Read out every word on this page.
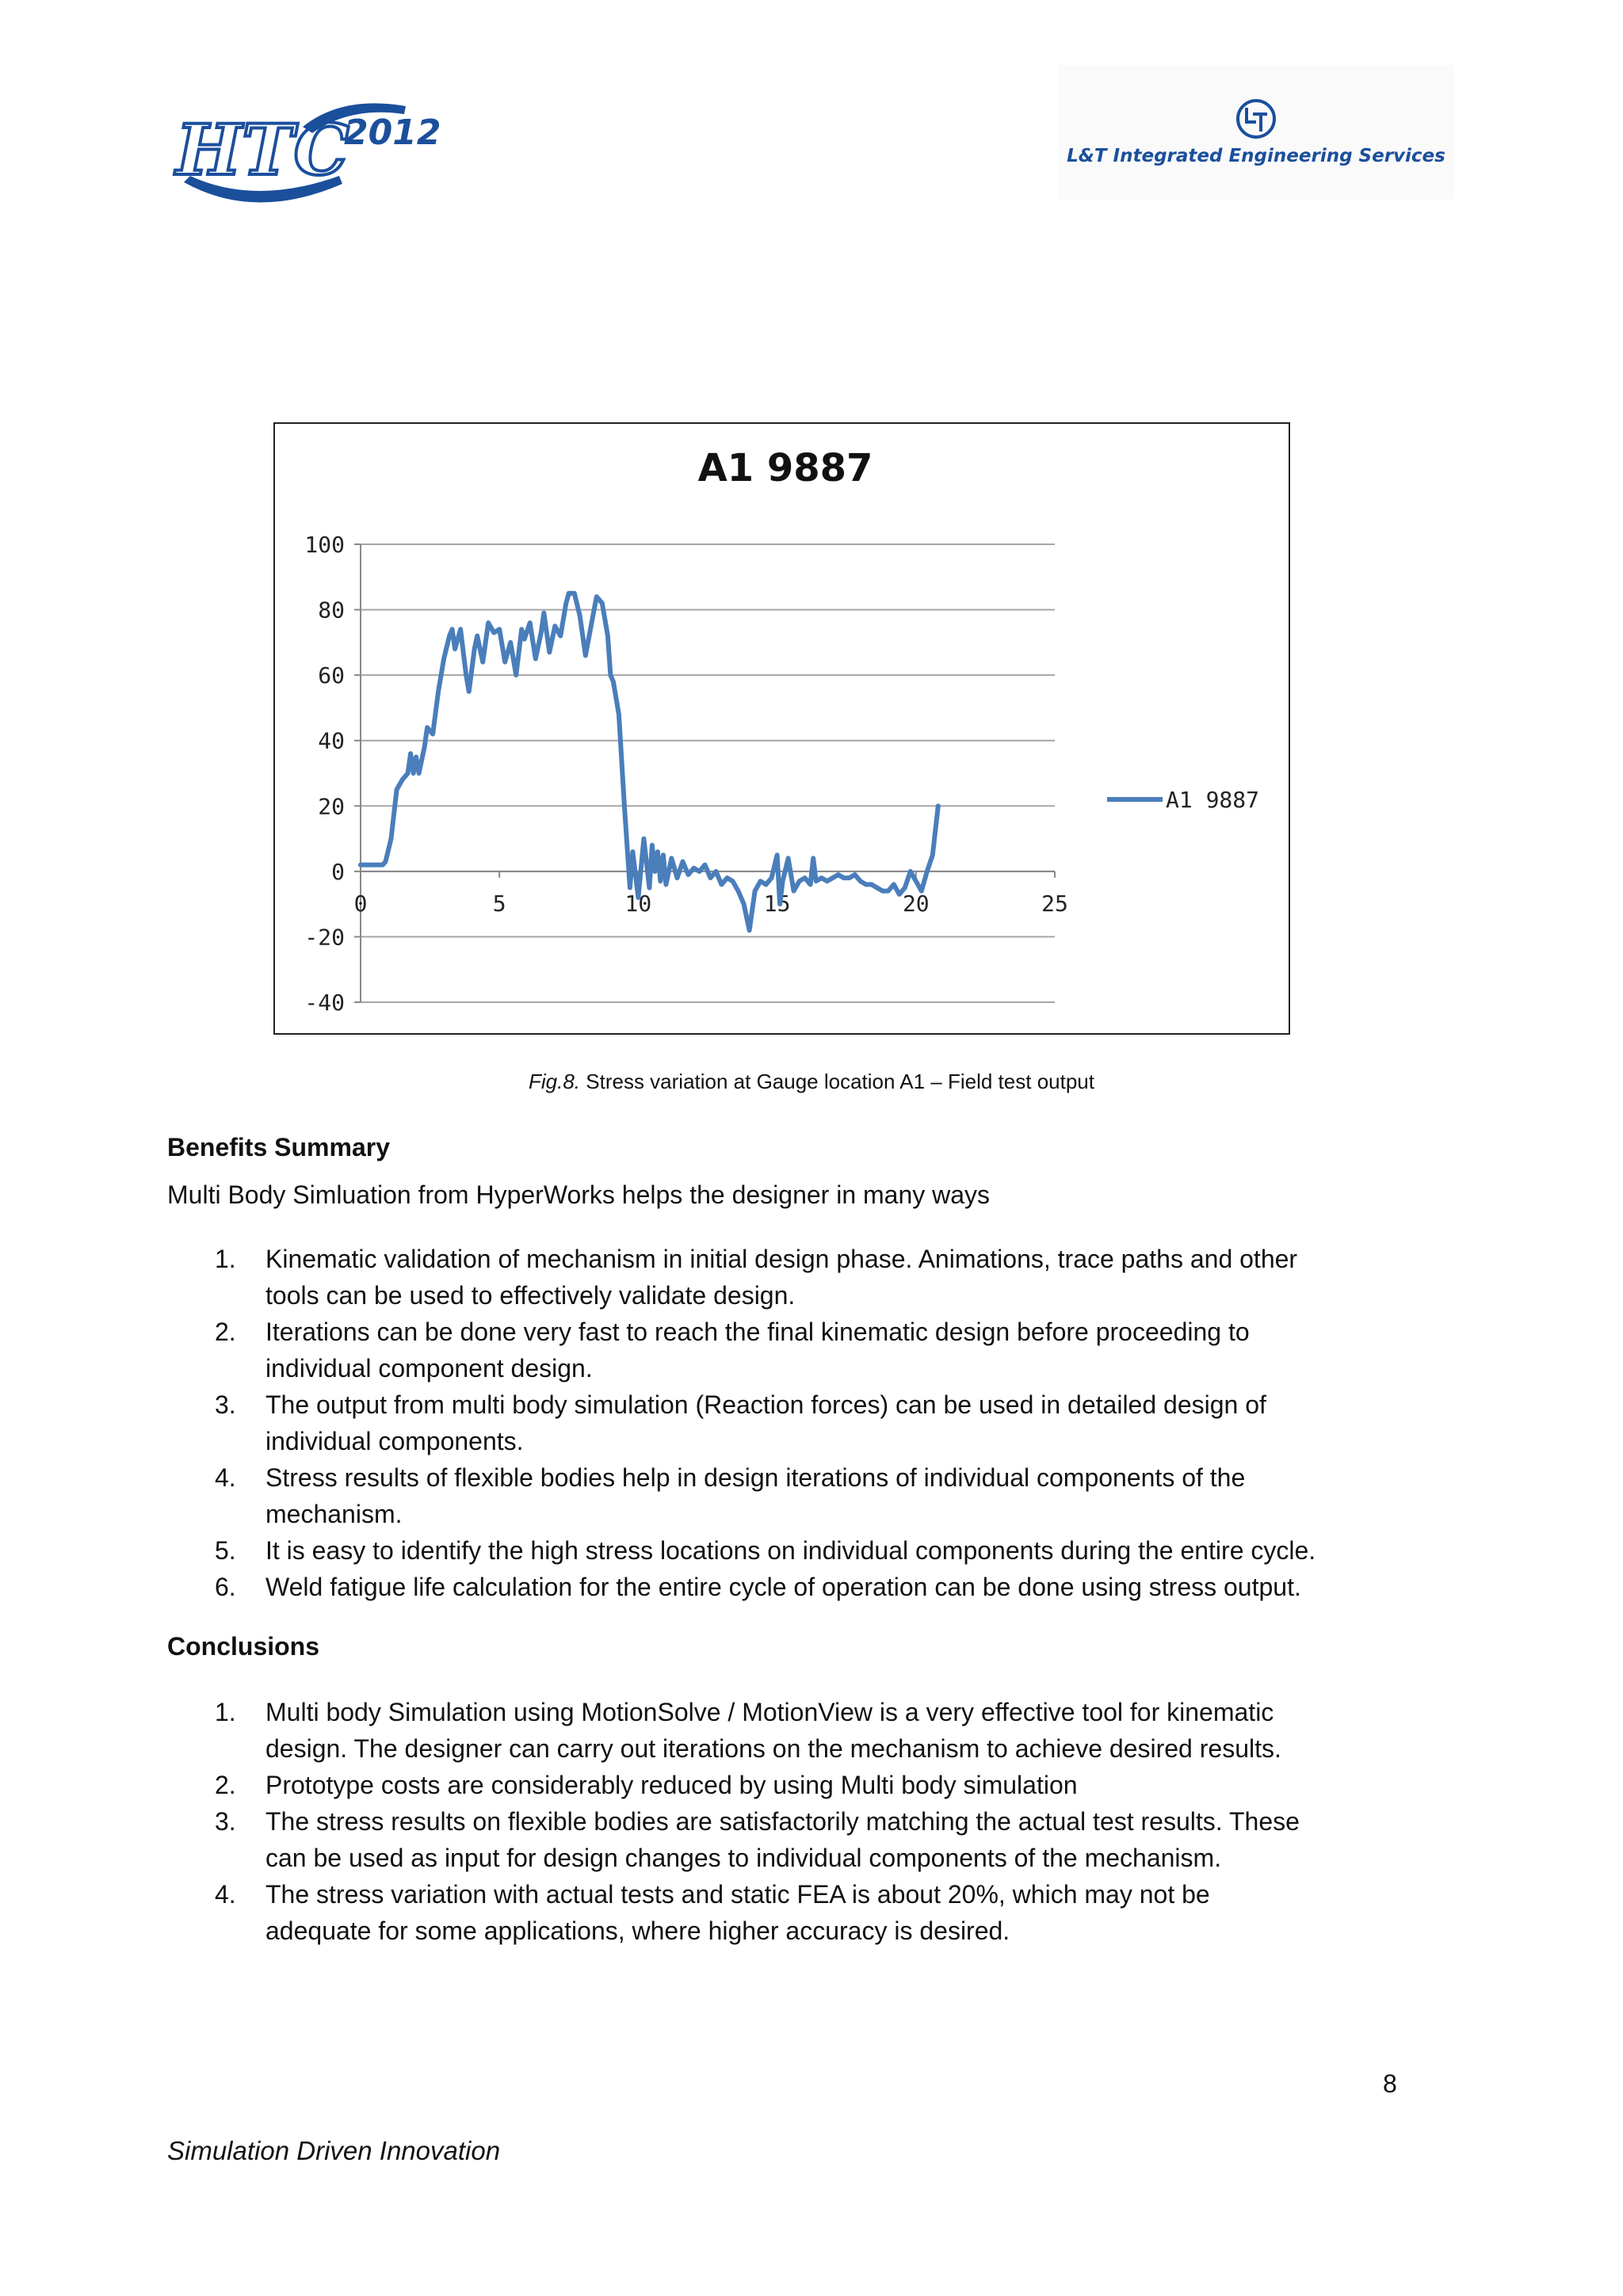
HTC
2012
L&T Integrated Engineering Services
A1 9887
100
80
60
40
20
0
-20
-40
0	5	10	15	20	25
A1 9887
Fig.8. Stress variation at Gauge location A1 – Field test output
Benefits Summary
Multi Body Simluation from HyperWorks helps the designer in many ways
1. Kinematic validation of mechanism in initial design phase. Animations, trace paths and other
tools can be used to effectively validate design.
2. Iterations can be done very fast to reach the final kinematic design before proceeding to
individual component design.
3. The output from multi body simulation (Reaction forces) can be used in detailed design of
individual components.
4. Stress results of flexible bodies help in design iterations of individual components of the
mechanism.
5. It is easy to identify the high stress locations on individual components during the entire cycle.
6. Weld fatigue life calculation for the entire cycle of operation can be done using stress output.
Conclusions
1. Multi body Simulation using MotionSolve / MotionView is a very effective tool for kinematic
design. The designer can carry out iterations on the mechanism to achieve desired results.
2. Prototype costs are considerably reduced by using Multi body simulation
3. The stress results on flexible bodies are satisfactorily matching the actual test results. These
can be used as input for design changes to individual components of the mechanism.
4. The stress variation with actual tests and static FEA is about 20%, which may not be
adequate for some applications, where higher accuracy is desired.
8
Simulation Driven Innovation
